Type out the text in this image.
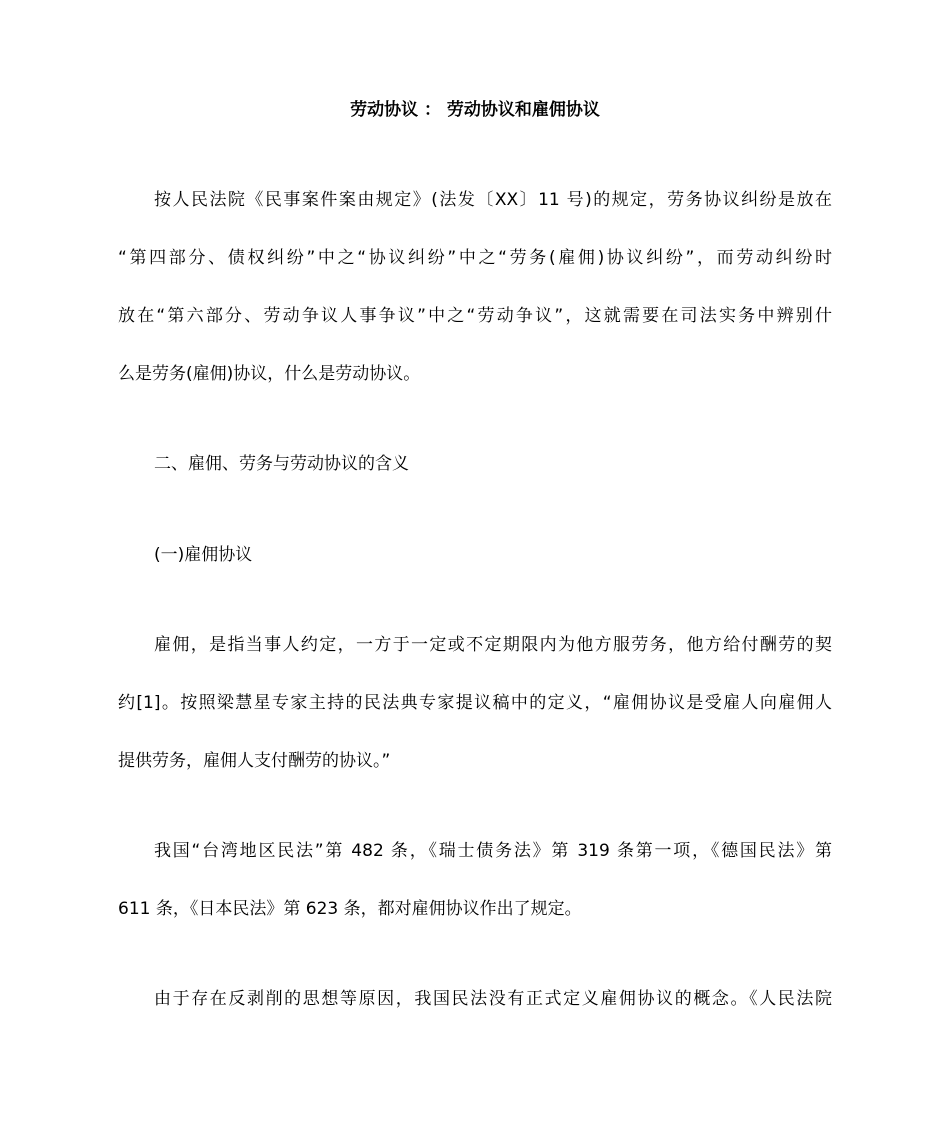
劳动协议 ： 劳动协议和雇佣协议
按人民法院《民事案件案由规定》(法发〔XX〕11 号)的规定，劳务协议纠纷是放在
“第四部分、债权纠纷”中之“协议纠纷”中之“劳务(雇佣)协议纠纷”，而劳动纠纷时
放在“第六部分、劳动争议人事争议”中之“劳动争议”，这就需要在司法实务中辨别什
么是劳务(雇佣)协议，什么是劳动协议。
二、雇佣、劳务与劳动协议的含义
(一)雇佣协议
雇佣，是指当事人约定，一方于一定或不定期限内为他方服劳务，他方给付酬劳的契
约[1]。按照梁慧星专家主持的民法典专家提议稿中的定义，“雇佣协议是受雇人向雇佣人
提供劳务，雇佣人支付酬劳的协议。”
我国“台湾地区民法”第 482 条，《瑞士债务法》第 319 条第一项，《德国民法》第
611 条，《日本民法》第 623 条，都对雇佣协议作出了规定。
由于存在反剥削的思想等原因，我国民法没有正式定义雇佣协议的概念。《人民法院
